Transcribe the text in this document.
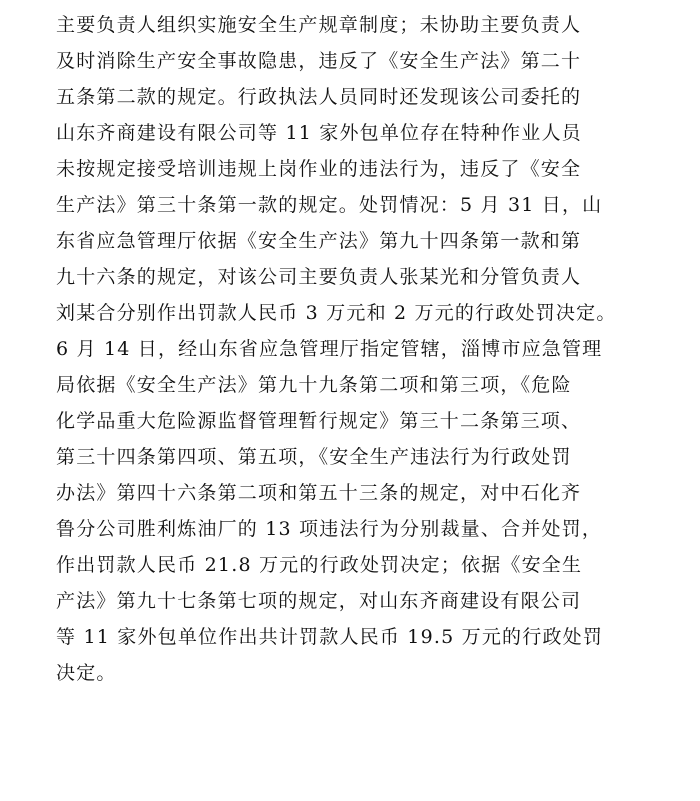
主要负责人组织实施安全生产规章制度；未协助主要负责人
及时消除生产安全事故隐患，违反了《安全生产法》第二十
五条第二款的规定。行政执法人员同时还发现该公司委托的
山东齐商建设有限公司等 11 家外包单位存在特种作业人员
未按规定接受培训违规上岗作业的违法行为，违反了《安全
生产法》第三十条第一款的规定。处罚情况：5 月 31 日，山
东省应急管理厅依据《安全生产法》第九十四条第一款和第
九十六条的规定，对该公司主要负责人张某光和分管负责人
刘某合分别作出罚款人民币 3 万元和 2 万元的行政处罚决定。
6 月 14 日，经山东省应急管理厅指定管辖，淄博市应急管理
局依据《安全生产法》第九十九条第二项和第三项，《危险
化学品重大危险源监督管理暂行规定》第三十二条第三项、
第三十四条第四项、第五项，《安全生产违法行为行政处罚
办法》第四十六条第二项和第五十三条的规定，对中石化齐
鲁分公司胜利炼油厂的 13 项违法行为分别裁量、合并处罚，
作出罚款人民币 21.8 万元的行政处罚决定；依据《安全生
产法》第九十七条第七项的规定，对山东齐商建设有限公司
等 11 家外包单位作出共计罚款人民币 19.5 万元的行政处罚
决定。
